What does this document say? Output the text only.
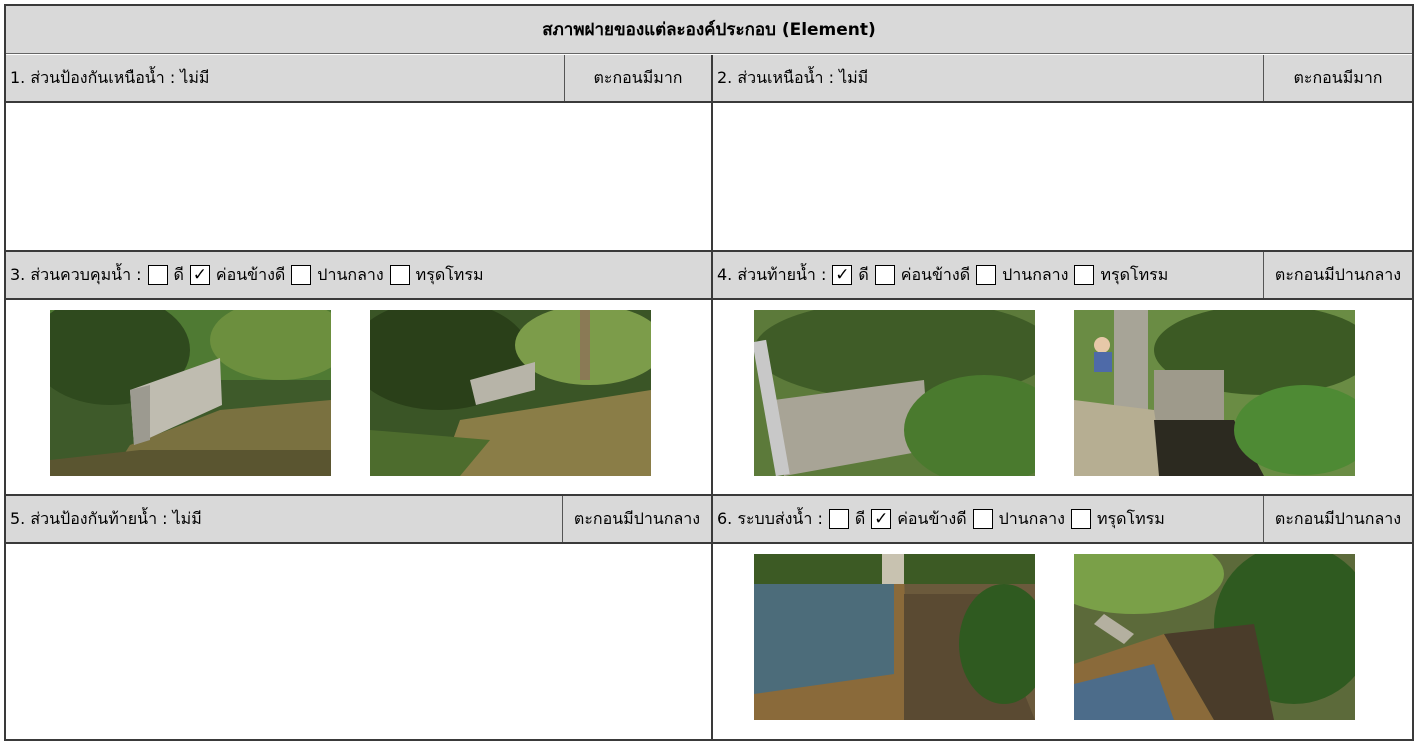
สภาพฝายของแต่ละองค์ประกอบ (Element)
1. ส่วนป้องกันเหนือน้ำ : ไม่มี	ตะกอนมีมาก	2. ส่วนเหนือน้ำ : ไม่มี	ตะกอนมีมาก
3. ส่วนควบคุมน้ำ : ดี ✓ ค่อนข้างดี ปานกลาง ทรุดโทรม	4. ส่วนท้ายน้ำ : ✓ ดี ค่อนข้างดี ปานกลาง ทรุดโทรม	ตะกอนมีปานกลาง
5. ส่วนป้องกันท้ายน้ำ : ไม่มี	ตะกอนมีปานกลาง	6. ระบบส่งน้ำ : ดี ✓ ค่อนข้างดี ปานกลาง ทรุดโทรม	ตะกอนมีปานกลาง
